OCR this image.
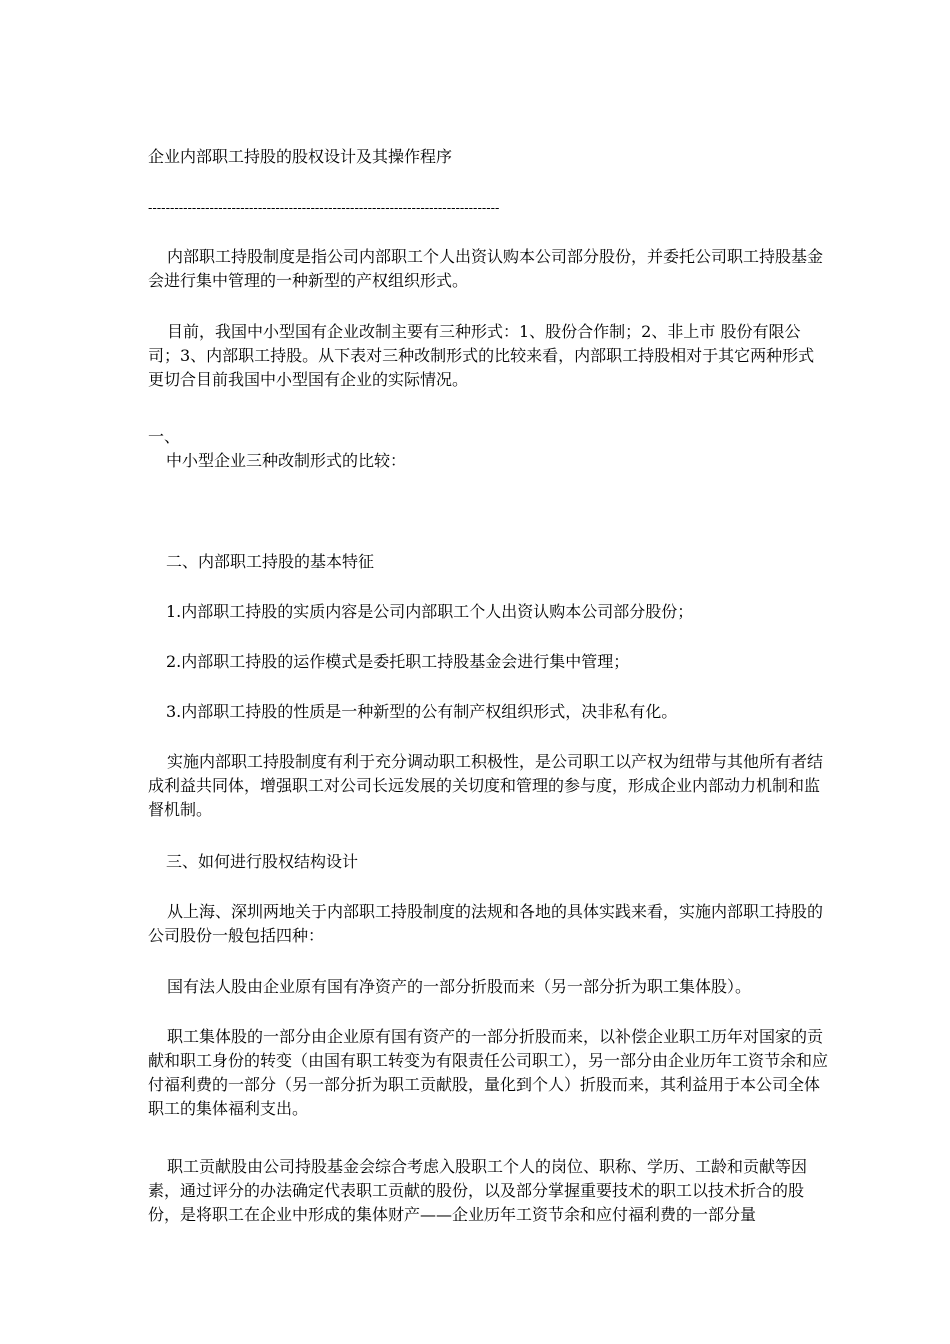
企业内部职工持股的股权设计及其操作程序

--------------------------------------------------------------------------------

内部职工持股制度是指公司内部职工个人出资认购本公司部分股份，并委托公司职工持股基金会进行集中管理的一种新型的产权组织形式。

目前，我国中小型国有企业改制主要有三种形式：1、股份合作制；2、非上市 股份有限公司；3、内部职工持股。从下表对三种改制形式的比较来看，内部职工持股相对于其它两种形式更切合目前我国中小型国有企业的实际情况。

一、

中小型企业三种改制形式的比较：

二、内部职工持股的基本特征

1.内部职工持股的实质内容是公司内部职工个人出资认购本公司部分股份；

2.内部职工持股的运作模式是委托职工持股基金会进行集中管理；

3.内部职工持股的性质是一种新型的公有制产权组织形式，决非私有化。

实施内部职工持股制度有利于充分调动职工积极性，是公司职工以产权为纽带与其他所有者结成利益共同体，增强职工对公司长远发展的关切度和管理的参与度，形成企业内部动力机制和监督机制。

三、如何进行股权结构设计

从上海、深圳两地关于内部职工持股制度的法规和各地的具体实践来看，实施内部职工持股的公司股份一般包括四种：

国有法人股由企业原有国有净资产的一部分折股而来（另一部分折为职工集体股）。

职工集体股的一部分由企业原有国有资产的一部分折股而来，以补偿企业职工历年对国家的贡献和职工身份的转变（由国有职工转变为有限责任公司职工），另一部分由企业历年工资节余和应付福利费的一部分（另一部分折为职工贡献股，量化到个人）折股而来，其利益用于本公司全体职工的集体福利支出。

职工贡献股由公司持股基金会综合考虑入股职工个人的岗位、职称、学历、工龄和贡献等因素，通过评分的办法确定代表职工贡献的股份，以及部分掌握重要技术的职工以技术折合的股份，是将职工在企业中形成的集体财产——企业历年工资节余和应付福利费的一部分量
